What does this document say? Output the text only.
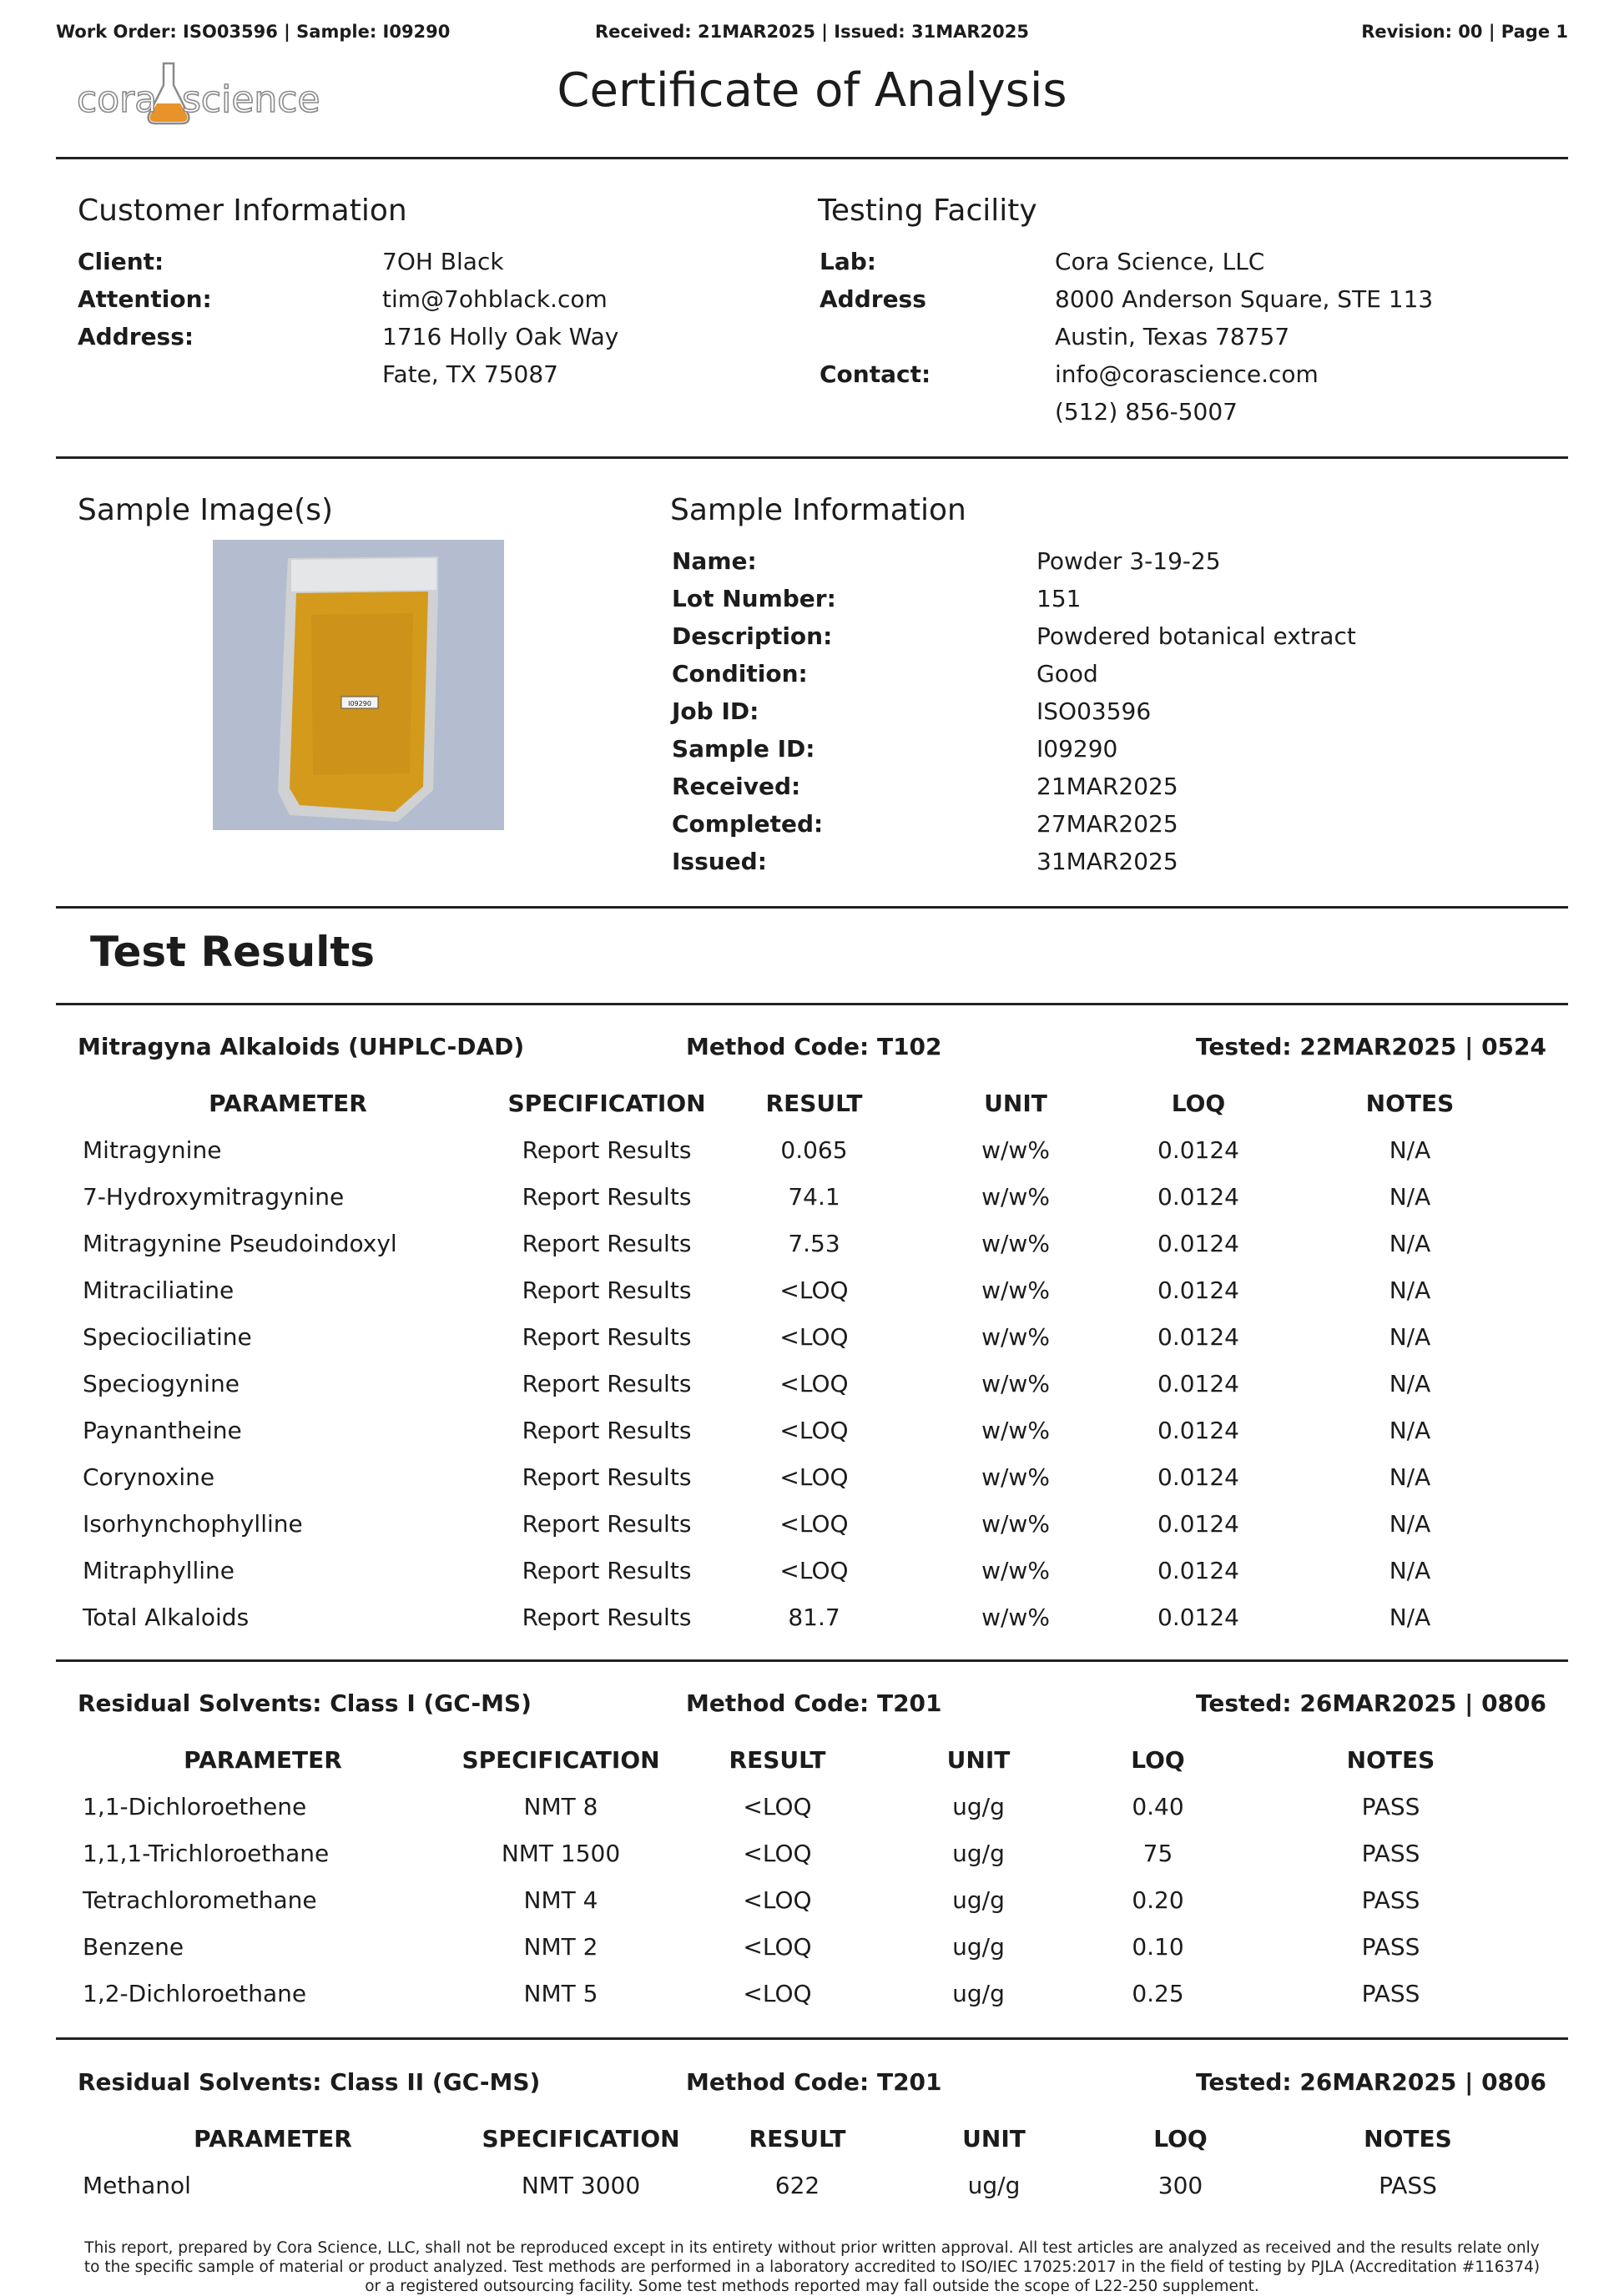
Work Order: ISO03596 | Sample: I09290	Received: 21MAR2025 | Issued: 31MAR2025	Revision: 00 | Page 1
cora science	Certificate of Analysis
Customer Information
Client:	7OH Black
Attention:	tim@7ohblack.com
Address:	1716 Holly Oak Way
Fate, TX 75087
Testing Facility
Lab:	Cora Science, LLC
Address	8000 Anderson Square, STE 113
Austin, Texas 78757
Contact:	info@corascience.com
(512) 856-5007
Sample Image(s)
I09290
Sample Information
Name:	Powder 3-19-25
Lot Number:	151
Description:	Powdered botanical extract
Condition:	Good
Job ID:	ISO03596
Sample ID:	I09290
Received:	21MAR2025
Completed:	27MAR2025
Issued:	31MAR2025
Test Results
Mitragyna Alkaloids (UHPLC-DAD)	Method Code: T102	Tested: 22MAR2025 | 0524
PARAMETER	SPECIFICATION	RESULT	UNIT	LOQ	NOTES
Mitragynine	Report Results	0.065	w/w%	0.0124	N/A
7-Hydroxymitragynine	Report Results	74.1	w/w%	0.0124	N/A
Mitragynine Pseudoindoxyl	Report Results	7.53	w/w%	0.0124	N/A
Mitraciliatine	Report Results	<LOQ	w/w%	0.0124	N/A
Speciociliatine	Report Results	<LOQ	w/w%	0.0124	N/A
Speciogynine	Report Results	<LOQ	w/w%	0.0124	N/A
Paynantheine	Report Results	<LOQ	w/w%	0.0124	N/A
Corynoxine	Report Results	<LOQ	w/w%	0.0124	N/A
Isorhynchophylline	Report Results	<LOQ	w/w%	0.0124	N/A
Mitraphylline	Report Results	<LOQ	w/w%	0.0124	N/A
Total Alkaloids	Report Results	81.7	w/w%	0.0124	N/A
Residual Solvents: Class I (GC-MS)	Method Code: T201	Tested: 26MAR2025 | 0806
PARAMETER	SPECIFICATION	RESULT	UNIT	LOQ	NOTES
1,1-Dichloroethene	NMT 8	<LOQ	ug/g	0.40	PASS
1,1,1-Trichloroethane	NMT 1500	<LOQ	ug/g	75	PASS
Tetrachloromethane	NMT 4	<LOQ	ug/g	0.20	PASS
Benzene	NMT 2	<LOQ	ug/g	0.10	PASS
1,2-Dichloroethane	NMT 5	<LOQ	ug/g	0.25	PASS
Residual Solvents: Class II (GC-MS)	Method Code: T201	Tested: 26MAR2025 | 0806
PARAMETER	SPECIFICATION	RESULT	UNIT	LOQ	NOTES
Methanol	NMT 3000	622	ug/g	300	PASS
This report, prepared by Cora Science, LLC, shall not be reproduced except in its entirety without prior written approval. All test articles are analyzed as received and the results relate only
to the specific sample of material or product analyzed. Test methods are performed in a laboratory accredited to ISO/IEC 17025:2017 in the field of testing by PJLA (Accreditation #116374)
or a registered outsourcing facility. Some test methods reported may fall outside the scope of L22-250 supplement.
